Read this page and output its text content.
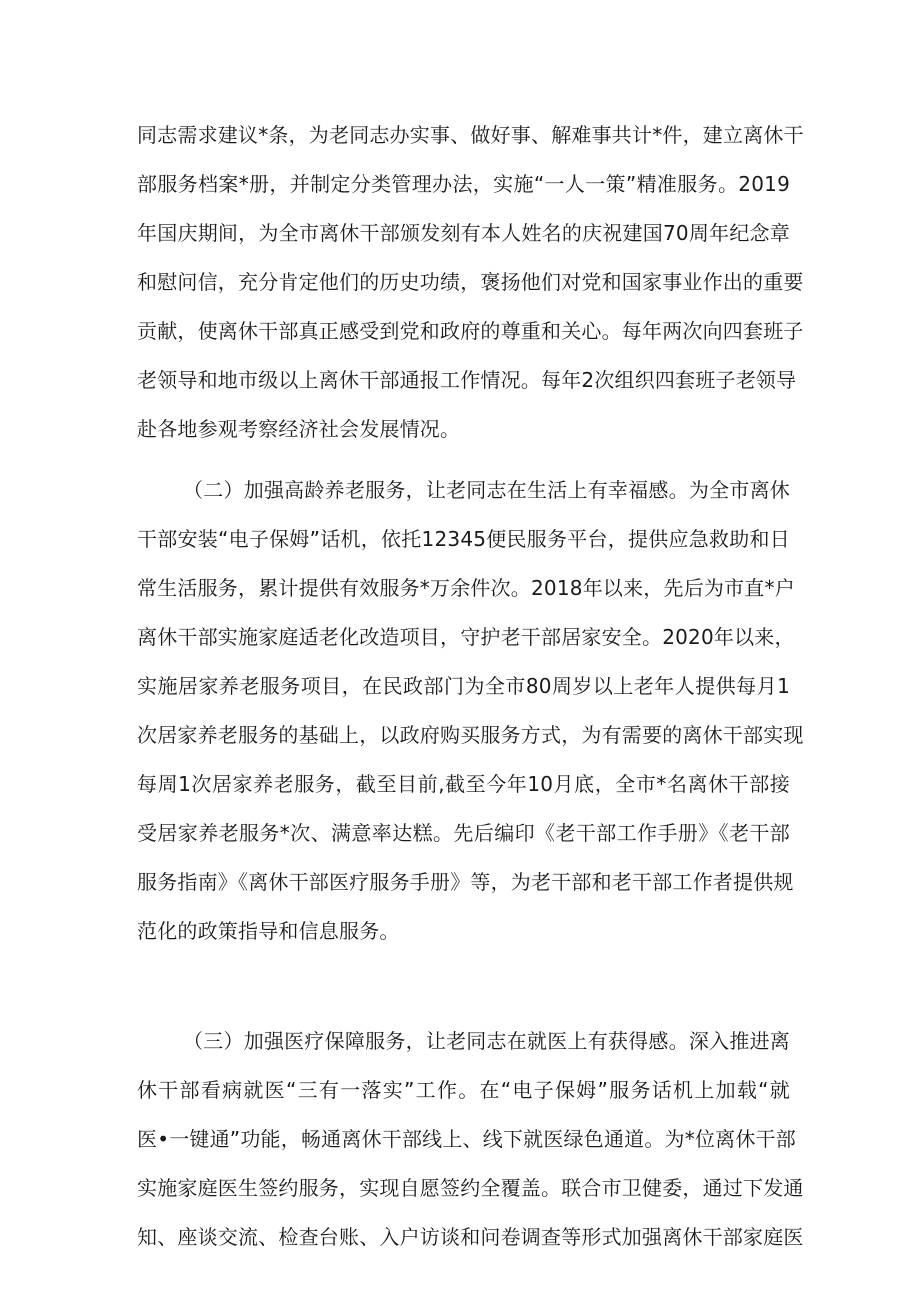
同志需求建议*条，为老同志办实事、做好事、解难事共计*件，建立离休干
部服务档案*册，并制定分类管理办法，实施“一人一策”精准服务。2019
年国庆期间，为全市离休干部颁发刻有本人姓名的庆祝建国70周年纪念章
和慰问信，充分肯定他们的历史功绩，褒扬他们对党和国家事业作出的重要
贡献，使离休干部真正感受到党和政府的尊重和关心。每年两次向四套班子
老领导和地市级以上离休干部通报工作情况。每年2次组织四套班子老领导
赴各地参观考察经济社会发展情况。
（二）加强高龄养老服务，让老同志在生活上有幸福感。为全市离休
干部安装“电子保姆”话机，依托12345便民服务平台，提供应急救助和日
常生活服务，累计提供有效服务*万余件次。2018年以来，先后为市直*户
离休干部实施家庭适老化改造项目，守护老干部居家安全。2020年以来，
实施居家养老服务项目，在民政部门为全市80周岁以上老年人提供每月1
次居家养老服务的基础上，以政府购买服务方式，为有需要的离休干部实现
每周1次居家养老服务，截至目前,截至今年10月底，全市*名离休干部接
受居家养老服务*次、满意率达糕。先后编印《老干部工作手册》《老干部
服务指南》《离休干部医疗服务手册》等，为老干部和老干部工作者提供规
范化的政策指导和信息服务。
（三）加强医疗保障服务，让老同志在就医上有获得感。深入推进离
休干部看病就医“三有一落实”工作。在“电子保姆”服务话机上加载“就
医•一键通”功能，畅通离休干部线上、线下就医绿色通道。为*位离休干部
实施家庭医生签约服务，实现自愿签约全覆盖。联合市卫健委，通过下发通
知、座谈交流、检查台账、入户访谈和问卷调查等形式加强离休干部家庭医
